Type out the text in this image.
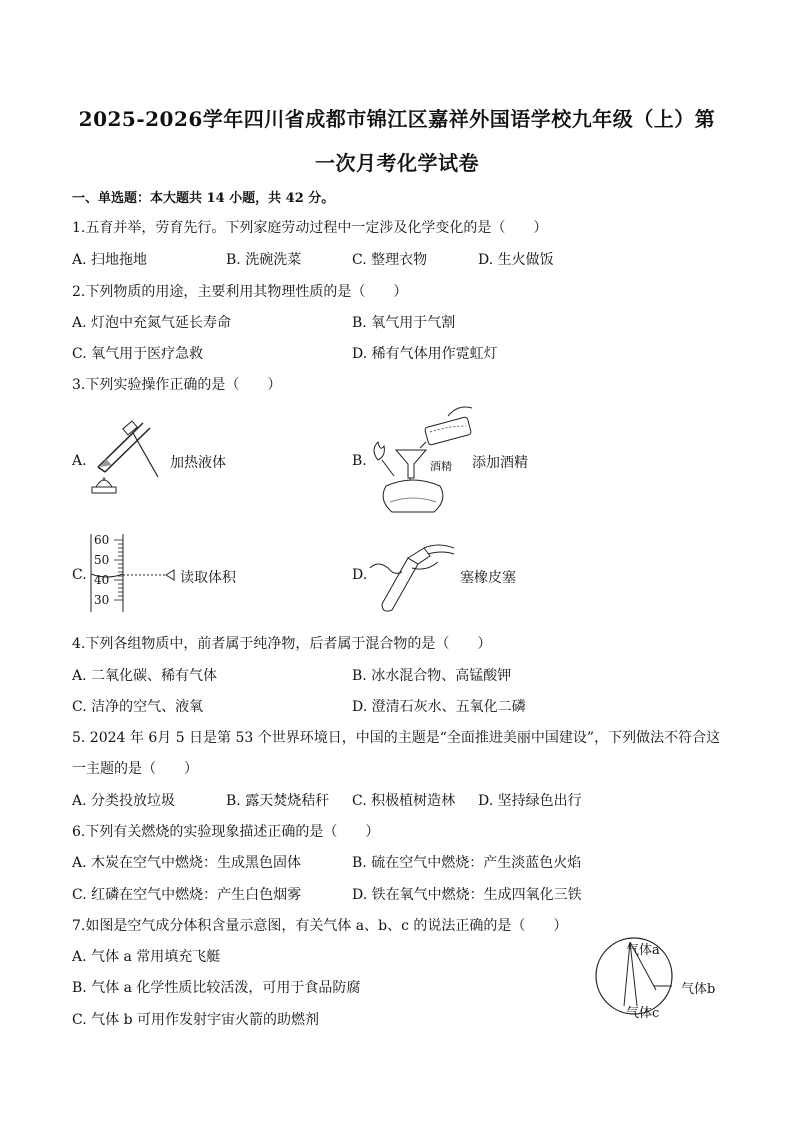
2025-2026学年四川省成都市锦江区嘉祥外国语学校九年级（上）第
一次月考化学试卷
一、单选题：本大题共 14 小题，共 42 分。
1.五育并举，劳育先行。下列家庭劳动过程中一定涉及化学变化的是（　　）
A. 扫地拖地	B. 洗碗洗菜	C. 整理衣物	D. 生火做饭
2.下列物质的用途，主要利用其物理性质的是（　　）
A. 灯泡中充氮气延长寿命	B. 氧气用于气割
C. 氧气用于医疗急救	D. 稀有气体用作霓虹灯
3.下列实验操作正确的是（　　）
A.	加热液体	B.	酒精 添加酒精
C.
60
50
40
30
读取体积	D.	塞橡皮塞
4.下列各组物质中，前者属于纯净物，后者属于混合物的是（　　）
A. 二氧化碳、稀有气体	B. 冰水混合物、高锰酸钾
C. 洁净的空气、液氧	D. 澄清石灰水、五氧化二磷
5. 2024 年 6月 5 日是第 53 个世界环境日，中国的主题是“全面推进美丽中国建设”，下列做法不符合这
一主题的是（　　）
A. 分类投放垃圾	B. 露天焚烧秸秆 C. 积极植树造林 D. 坚持绿色出行
6.下列有关燃烧的实验现象描述正确的是（　　）
A. 木炭在空气中燃烧：生成黑色固体	B. 硫在空气中燃烧：产生淡蓝色火焰
C. 红磷在空气中燃烧：产生白色烟雾	D. 铁在氧气中燃烧：生成四氧化三铁
7.如图是空气成分体积含量示意图，有关气体 a、b、c 的说法正确的是（　　）
A. 气体 a 常用填充飞艇
B. 气体 a 化学性质比较活泼，可用于食品防腐
C. 气体 b 可用作发射宇宙火箭的助燃剂
气体a
气体b
气体c
